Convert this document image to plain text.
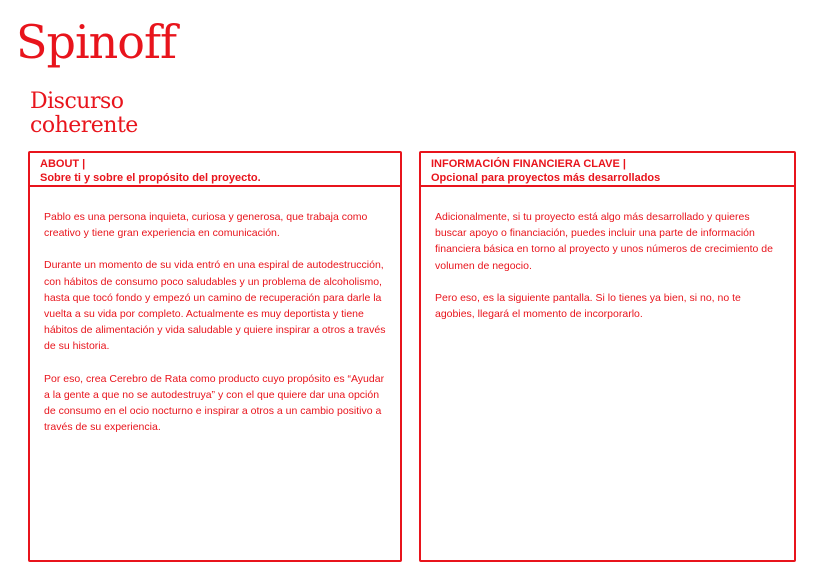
Spinoff
Discurso
coherente
ABOUT |
Sobre ti y sobre el propósito del proyecto.

Pablo es una persona inquieta, curiosa y generosa, que trabaja como creativo y tiene gran experiencia en comunicación.

Durante un momento de su vida entró en una espiral de autodestrucción, con hábitos de consumo poco saludables y un problema de alcoholismo, hasta que tocó fondo y empezó un camino de recuperación para darle la vuelta a su vida por completo. Actualmente es muy deportista y tiene hábitos de alimentación y vida saludable y quiere inspirar a otros a través de su historia.

Por eso, crea Cerebro de Rata como producto cuyo propósito es “Ayudar a la gente a que no se autodestruya” y con el que quiere dar una opción de consumo en el ocio nocturno e inspirar a otros a un cambio positivo a través de su experiencia.

INFORMACIÓN FINANCIERA CLAVE |
Opcional para proyectos más desarrollados

Adicionalmente, si tu proyecto está algo más desarrollado y quieres buscar apoyo o financiación, puedes incluir una parte de información financiera básica en torno al proyecto y unos números de crecimiento de volumen de negocio.

Pero eso, es la siguiente pantalla. Si lo tienes ya bien, si no, no te agobies, llegará el momento de incorporarlo.
